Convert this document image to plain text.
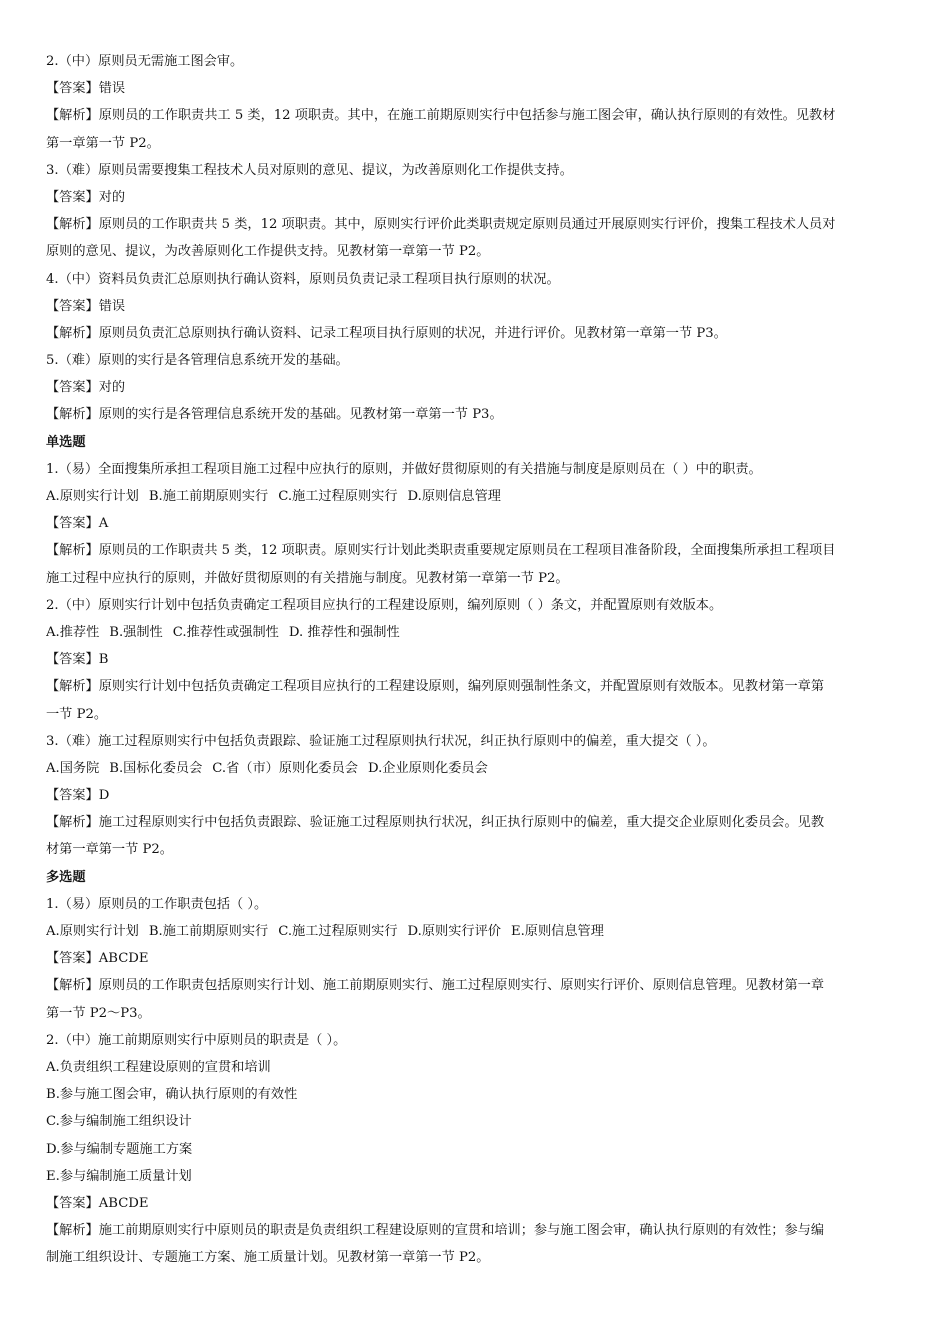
2.（中）原则员无需施工图会审。
【答案】错误
【解析】原则员的工作职责共工 5 类，12 项职责。其中，在施工前期原则实行中包括参与施工图会审，确认执行原则的有效性。见教材
第一章第一节 P2。
3.（难）原则员需要搜集工程技术人员对原则的意见、提议，为改善原则化工作提供支持。
【答案】对的
【解析】原则员的工作职责共 5 类，12 项职责。其中，原则实行评价此类职责规定原则员通过开展原则实行评价，搜集工程技术人员对
原则的意见、提议，为改善原则化工作提供支持。见教材第一章第一节 P2。
4.（中）资料员负责汇总原则执行确认资料，原则员负责记录工程项目执行原则的状况。
【答案】错误
【解析】原则员负责汇总原则执行确认资料、记录工程项目执行原则的状况，并进行评价。见教材第一章第一节 P3。
5.（难）原则的实行是各管理信息系统开发的基础。
【答案】对的
【解析】原则的实行是各管理信息系统开发的基础。见教材第一章第一节 P3。
单选题
1.（易）全面搜集所承担工程项目施工过程中应执行的原则，并做好贯彻原则的有关措施与制度是原则员在（ ）中的职责。
A.原则实行计划 B.施工前期原则实行 C.施工过程原则实行 D.原则信息管理
【答案】A
【解析】原则员的工作职责共 5 类，12 项职责。原则实行计划此类职责重要规定原则员在工程项目准备阶段，全面搜集所承担工程项目
施工过程中应执行的原则，并做好贯彻原则的有关措施与制度。见教材第一章第一节 P2。
2.（中）原则实行计划中包括负责确定工程项目应执行的工程建设原则，编列原则（ ）条文，并配置原则有效版本。
A.推荐性 B.强制性 C.推荐性或强制性 D. 推荐性和强制性
【答案】B
【解析】原则实行计划中包括负责确定工程项目应执行的工程建设原则，编列原则强制性条文，并配置原则有效版本。见教材第一章第
一节 P2。
3.（难）施工过程原则实行中包括负责跟踪、验证施工过程原则执行状况，纠正执行原则中的偏差，重大提交（ ）。
A.国务院 B.国标化委员会 C.省（市）原则化委员会 D.企业原则化委员会
【答案】D
【解析】施工过程原则实行中包括负责跟踪、验证施工过程原则执行状况，纠正执行原则中的偏差，重大提交企业原则化委员会。见教
材第一章第一节 P2。
多选题
1.（易）原则员的工作职责包括（ ）。
A.原则实行计划 B.施工前期原则实行 C.施工过程原则实行 D.原则实行评价 E.原则信息管理
【答案】ABCDE
【解析】原则员的工作职责包括原则实行计划、施工前期原则实行、施工过程原则实行、原则实行评价、原则信息管理。见教材第一章
第一节 P2～P3。
2.（中）施工前期原则实行中原则员的职责是（ ）。
A.负责组织工程建设原则的宣贯和培训
B.参与施工图会审，确认执行原则的有效性
C.参与编制施工组织设计
D.参与编制专题施工方案
E.参与编制施工质量计划
【答案】ABCDE
【解析】施工前期原则实行中原则员的职责是负责组织工程建设原则的宣贯和培训；参与施工图会审，确认执行原则的有效性；参与编
制施工组织设计、专题施工方案、施工质量计划。见教材第一章第一节 P2。
